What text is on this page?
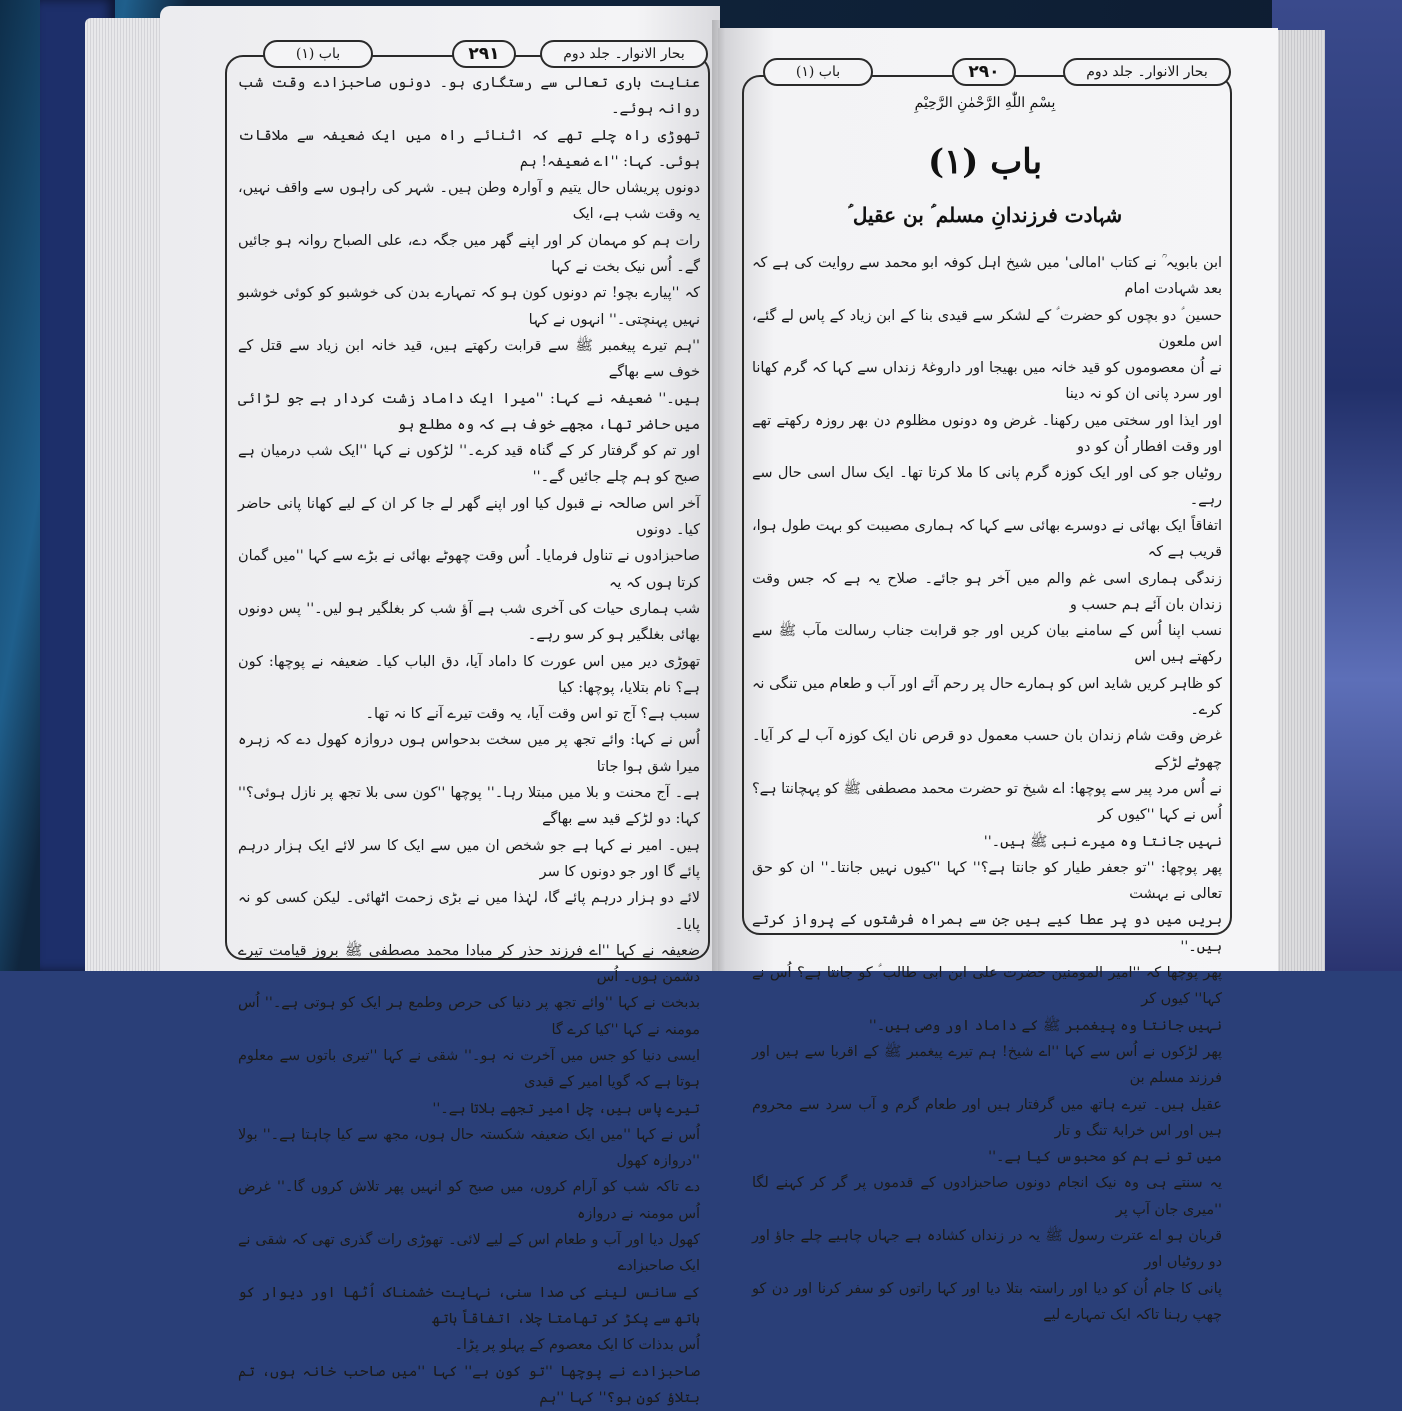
بحار الانوار۔ جلد دوم
۲۹۱
باب (۱)
بحار الانوار۔ جلد دوم
۲۹۰
باب (۱)
بِسْمِ اللّٰهِ الرَّحْمٰنِ الرَّحِیْمِ
باب (۱)
شہادت فرزندانِ مسلم ؑ بن عقیل ؑ

عنایت باری تعالی سے رستگاری ہو۔ دونوں صاحبزادے وقت شب روانہ ہوئے۔

تھوڑی راہ چلے تھے کہ اثنائے راہ میں ایک ضعیفہ سے ملاقات ہوئی۔ کہا: ''اے ضعیفہ! ہم

دونوں پریشاں حال یتیم و آوارہ وطن ہیں۔ شہر کی راہوں سے واقف نہیں، یہ وقت شب ہے، ایک

رات ہم کو مہمان کر اور اپنے گھر میں جگہ دے، علی الصباح روانہ ہو جائیں گے۔ اُس نیک بخت نے کہا

کہ ''پیارے بچو! تم دونوں کون ہو کہ تمہارے بدن کی خوشبو کو کوئی خوشبو نہیں پہنچتی۔'' انہوں نے کہا

''ہم تیرے پیغمبر ﷺ سے قرابت رکھتے ہیں، قید خانہ ابن زیاد سے قتل کے خوف سے بھاگے

ہیں۔'' ضعیفہ نے کہا: ''میرا ایک داماد زشت کردار ہے جو لڑائی میں حاضر تھا، مجھے خوف ہے کہ وہ مطلع ہو

اور تم کو گرفتار کر کے گناہ قید کرے۔'' لڑکوں نے کہا ''ایک شب درمیان ہے صبح کو ہم چلے جائیں گے۔''

آخر اس صالحہ نے قبول کیا اور اپنے گھر لے جا کر ان کے لیے کھانا پانی حاضر کیا۔ دونوں

صاحبزادوں نے تناول فرمایا۔ اُس وقت چھوٹے بھائی نے بڑے سے کہا ''میں گمان کرتا ہوں کہ یہ

شب ہماری حیات کی آخری شب ہے آؤ شب کر بغلگیر ہو لیں۔'' پس دونوں بھائی بغلگیر ہو کر سو رہے۔

تھوڑی دیر میں اس عورت کا داماد آیا، دق الباب کیا۔ ضعیفہ نے پوچھا: کون ہے؟ نام بتلایا، پوچھا: کیا

سبب ہے؟ آج تو اس وقت آیا، یہ وقت تیرے آنے کا نہ تھا۔

اُس نے کہا: وائے تجھ پر میں سخت بدحواس ہوں دروازہ کھول دے کہ زہرہ میرا شق ہوا جاتا

ہے۔ آج محنت و بلا میں مبتلا رہا۔'' پوچھا ''کون سی بلا تجھ پر نازل ہوئی؟'' کہا: دو لڑکے قید سے بھاگے

ہیں۔ امیر نے کہا ہے جو شخص ان میں سے ایک کا سر لائے ایک ہزار درہم پائے گا اور جو دونوں کا سر

لائے دو ہزار درہم پائے گا، لہٰذا میں نے بڑی زحمت اٹھائی۔ لیکن کسی کو نہ پایا۔

ضعیفہ نے کہا ''اے فرزند حذر کر مبادا محمد مصطفی ﷺ بروز قیامت تیرے دشمن ہوں۔ اُس

بدبخت نے کہا ''وائے تجھ پر دنیا کی حرص وطمع ہر ایک کو ہوتی ہے۔'' اُس مومنہ نے کہا ''کیا کرے گا

ایسی دنیا کو جس میں آخرت نہ ہو۔'' شقی نے کہا ''تیری باتوں سے معلوم ہوتا ہے کہ گویا امیر کے قیدی

تیرے پاس ہیں، چل امیر تجھے بلاتا ہے۔''

اُس نے کہا ''میں ایک ضعیفہ شکستہ حال ہوں، مجھ سے کیا چاہتا ہے۔'' بولا ''دروازہ کھول

دے تاکہ شب کو آرام کروں، میں صبح کو انہیں پھر تلاش کروں گا۔'' غرض اُس مومنہ نے دروازہ

کھول دیا اور آب و طعام اس کے لیے لائی۔ تھوڑی رات گذری تھی کہ شقی نے ایک صاحبزادے

کے سانس لینے کی صدا سنی، نہایت خشمناک اُٹھا اور دیوار کو ہاتھ سے پکڑ کر تھامتا چلا، اتفاقاً ہاتھ

اُس بدذات کا ایک معصوم کے پہلو پر پڑا۔

صاحبزادے نے پوچھا ''تو کون ہے'' کہا ''میں صاحب خانہ ہوں، تم بتلاؤ کون ہو؟'' کہا ''ہم

ابن بابویہ ؒ نے کتاب 'امالی' میں شیخ اہل کوفہ ابو محمد سے روایت کی ہے کہ بعد شہادت امام

حسین ؑ دو بچوں کو حضرت ؑ کے لشکر سے قیدی بنا کے ابن زیاد کے پاس لے گئے، اس ملعون

نے اُن معصوموں کو قید خانہ میں بھیجا اور داروغۂ زنداں سے کہا کہ گرم کھانا اور سرد پانی ان کو نہ دینا

اور ایذا اور سختی میں رکھنا۔ غرض وہ دونوں مظلوم دن بھر روزہ رکھتے تھے اور وقت افطار اُن کو دو

روٹیاں جو کی اور ایک کوزہ گرم پانی کا ملا کرتا تھا۔ ایک سال اسی حال سے رہے۔

اتفاقاً ایک بھائی نے دوسرے بھائی سے کہا کہ ہماری مصیبت کو بہت طول ہوا، قریب ہے کہ

زندگی ہماری اسی غم والم میں آخر ہو جائے۔ صلاح یہ ہے کہ جس وقت زندان بان آئے ہم حسب و

نسب اپنا اُس کے سامنے بیان کریں اور جو قرابت جناب رسالت مآب ﷺ سے رکھتے ہیں اس

کو ظاہر کریں شاید اس کو ہمارے حال پر رحم آئے اور آب و طعام میں تنگی نہ کرے۔

غرض وقت شام زندان بان حسب معمول دو قرص نان ایک کوزہ آب لے کر آیا۔ چھوٹے لڑکے

نے اُس مرد پیر سے پوچھا: اے شیخ تو حضرت محمد مصطفی ﷺ کو پہچانتا ہے؟ اُس نے کہا ''کیوں کر

نہیں جانتا وہ میرے نبی ﷺ ہیں۔''

پھر پوچھا: ''تو جعفر طیار کو جانتا ہے؟'' کہا ''کیوں نہیں جانتا۔'' ان کو حق تعالی نے بہشت

بریں میں دو پر عطا کیے ہیں جن سے ہمراہ فرشتوں کے پرواز کرتے ہیں۔''

پھر پوچھا کہ ''امیر المومنین حضرت علی ابن ابی طالب ؑ کو جانتا ہے؟ اُس نے کہا'' کیوں کر

نہیں جانتا وہ پیغمبر ﷺ کے داماد اور وصی ہیں۔''

پھر لڑکوں نے اُس سے کہا ''اے شیخ! ہم تیرے پیغمبر ﷺ کے اقربا سے ہیں اور فرزند مسلم بن

عقیل ہیں۔ تیرے ہاتھ میں گرفتار ہیں اور طعام گرم و آب سرد سے محروم ہیں اور اس خرابۂ تنگ و تار

میں تو نے ہم کو محبوس کیا ہے۔''

یہ سنتے ہی وہ نیک انجام دونوں صاحبزادوں کے قدموں پر گر کر کہنے لگا ''میری جان آپ پر

قربان ہو اے عترت رسول ﷺ یہ در زنداں کشادہ ہے جہاں چاہیے چلے جاؤ اور دو روٹیاں اور

پانی کا جام اُن کو دیا اور راستہ بتلا دیا اور کہا راتوں کو سفر کرنا اور دن کو چھپ رہنا تاکہ ایک تمہارے لیے
